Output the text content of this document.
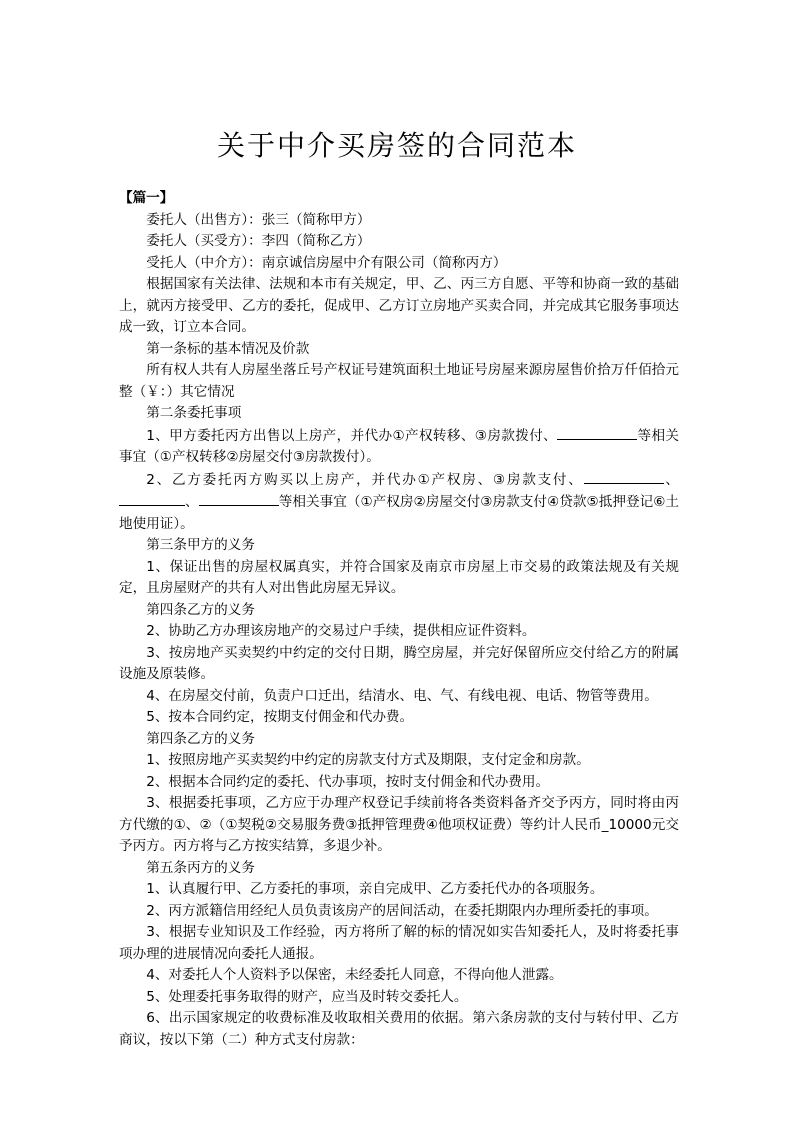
关于中介买房签的合同范本

【篇一】

委托人（出售方）：张三（简称甲方）

委托人（买受方）：李四（简称乙方）

受托人（中介方）：南京诚信房屋中介有限公司（简称丙方）

根据国家有关法律、法规和本市有关规定，甲、乙、丙三方自愿、平等和协商一致的基础上，就丙方接受甲、乙方的委托，促成甲、乙方订立房地产买卖合同，并完成其它服务事项达成一致，订立本合同。

第一条标的基本情况及价款

所有权人共有人房屋坐落丘号产权证号建筑面积土地证号房屋来源房屋售价拾万仟佰拾元整（￥：）其它情况

第二条委托事项

1、甲方委托丙方出售以上房产，并代办①产权转移、③房款拨付、	等相关事宜（①产权转移②房屋交付③房款拨付）。

2、乙方委托丙方购买以上房产，并代办①产权房、③房款支付、	、、	等相关事宜（①产权房②房屋交付③房款支付④贷款⑤抵押登记⑥土地使用证）。

第三条甲方的义务

1、保证出售的房屋权属真实，并符合国家及南京市房屋上市交易的政策法规及有关规定，且房屋财产的共有人对出售此房屋无异议。

第四条乙方的义务

2、协助乙方办理该房地产的交易过户手续，提供相应证件资料。

3、按房地产买卖契约中约定的交付日期，腾空房屋，并完好保留所应交付给乙方的附属设施及原装修。

4、在房屋交付前，负责户口迁出，结清水、电、气、有线电视、电话、物管等费用。

5、按本合同约定，按期支付佣金和代办费。

第四条乙方的义务

1、按照房地产买卖契约中约定的房款支付方式及期限，支付定金和房款。

2、根据本合同约定的委托、代办事项，按时支付佣金和代办费用。

3、根据委托事项，乙方应于办理产权登记手续前将各类资料备齐交予丙方，同时将由丙方代缴的①、②（①契税②交易服务费③抵押管理费④他项权证费）等约计人民币_10000元交予丙方。丙方将与乙方按实结算，多退少补。

第五条丙方的义务

1、认真履行甲、乙方委托的事项，亲自完成甲、乙方委托代办的各项服务。

2、丙方派籍信用经纪人员负责该房产的居间活动，在委托期限内办理所委托的事项。

3、根据专业知识及工作经验，丙方将所了解的标的情况如实告知委托人，及时将委托事项办理的进展情况向委托人通报。

4、对委托人个人资料予以保密，未经委托人同意，不得向他人泄露。

5、处理委托事务取得的财产，应当及时转交委托人。

6、出示国家规定的收费标准及收取相关费用的依据。第六条房款的支付与转付甲、乙方商议，按以下第（二）种方式支付房款：
